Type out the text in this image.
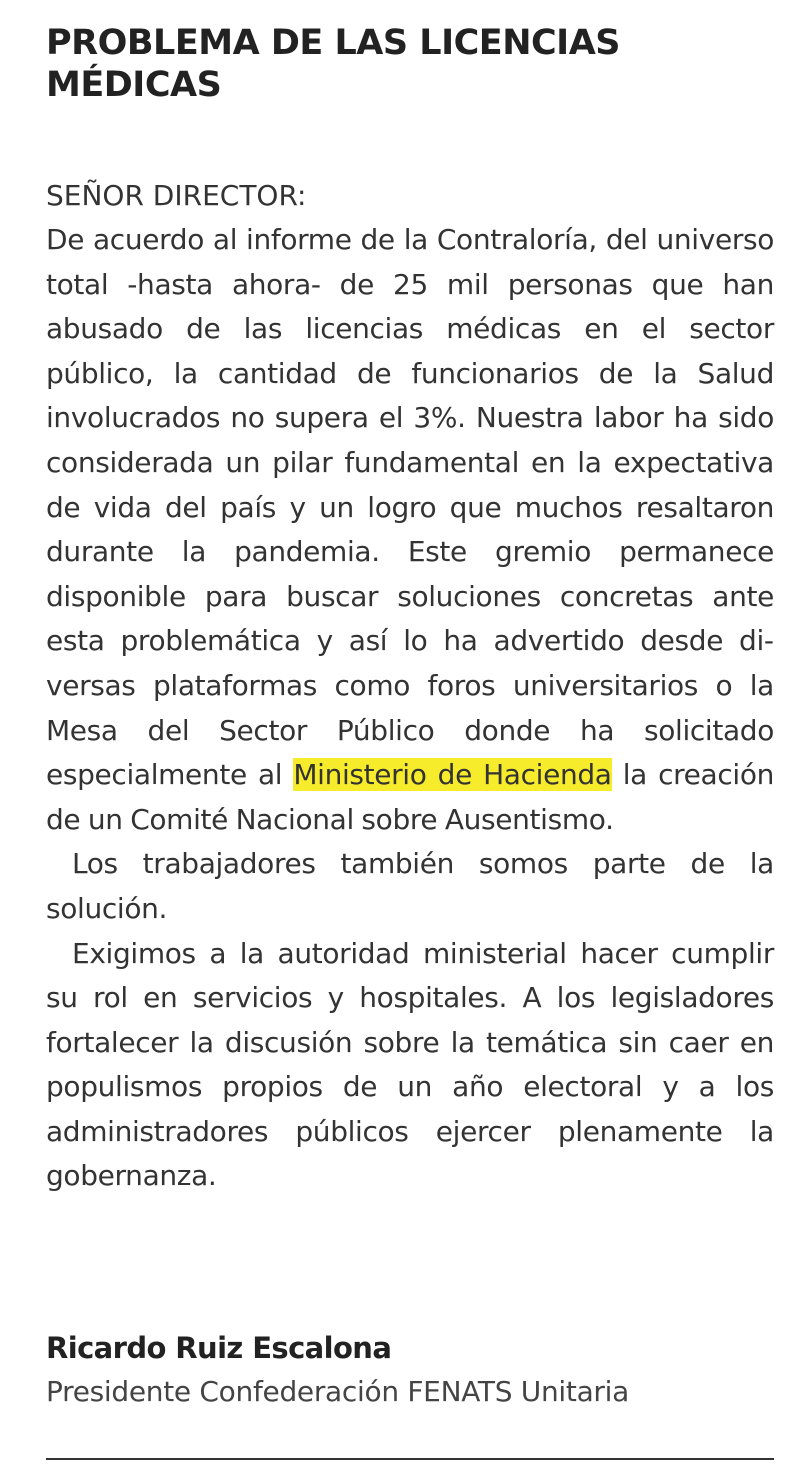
PROBLEMA DE LAS LICENCIAS
MÉDICAS

SEÑOR DIRECTOR:

De acuerdo al informe de la Contraloría, del universo total -hasta ahora- de 25 mil personas que han abusado de las licencias médicas en el sector público, la cantidad de funcionarios de la Salud involucrados no supera el 3%. Nuestra labor ha sido considerada un pilar fundamental en la expectativa de vida del país y un logro que muchos resaltaron durante la pandemia. Este gremio permanece disponible para buscar soluciones concretas ante esta problemática y así lo ha advertido desde diversas plataformas como foros universitarios o la Mesa del Sector Público donde ha solicitado especialmente al Ministerio de Hacienda la creación de un Comité Nacional sobre Ausentismo.

Los trabajadores también somos parte de la solución.

Exigimos a la autoridad ministerial hacer cumplir su rol en servicios y hospitales. A los legisladores fortalecer la discusión sobre la temática sin caer en populismos propios de un año electoral y a los administradores públicos ejercer plenamente la gobernanza.

Ricardo Ruiz Escalona

Presidente Confederación FENATS Unitaria
